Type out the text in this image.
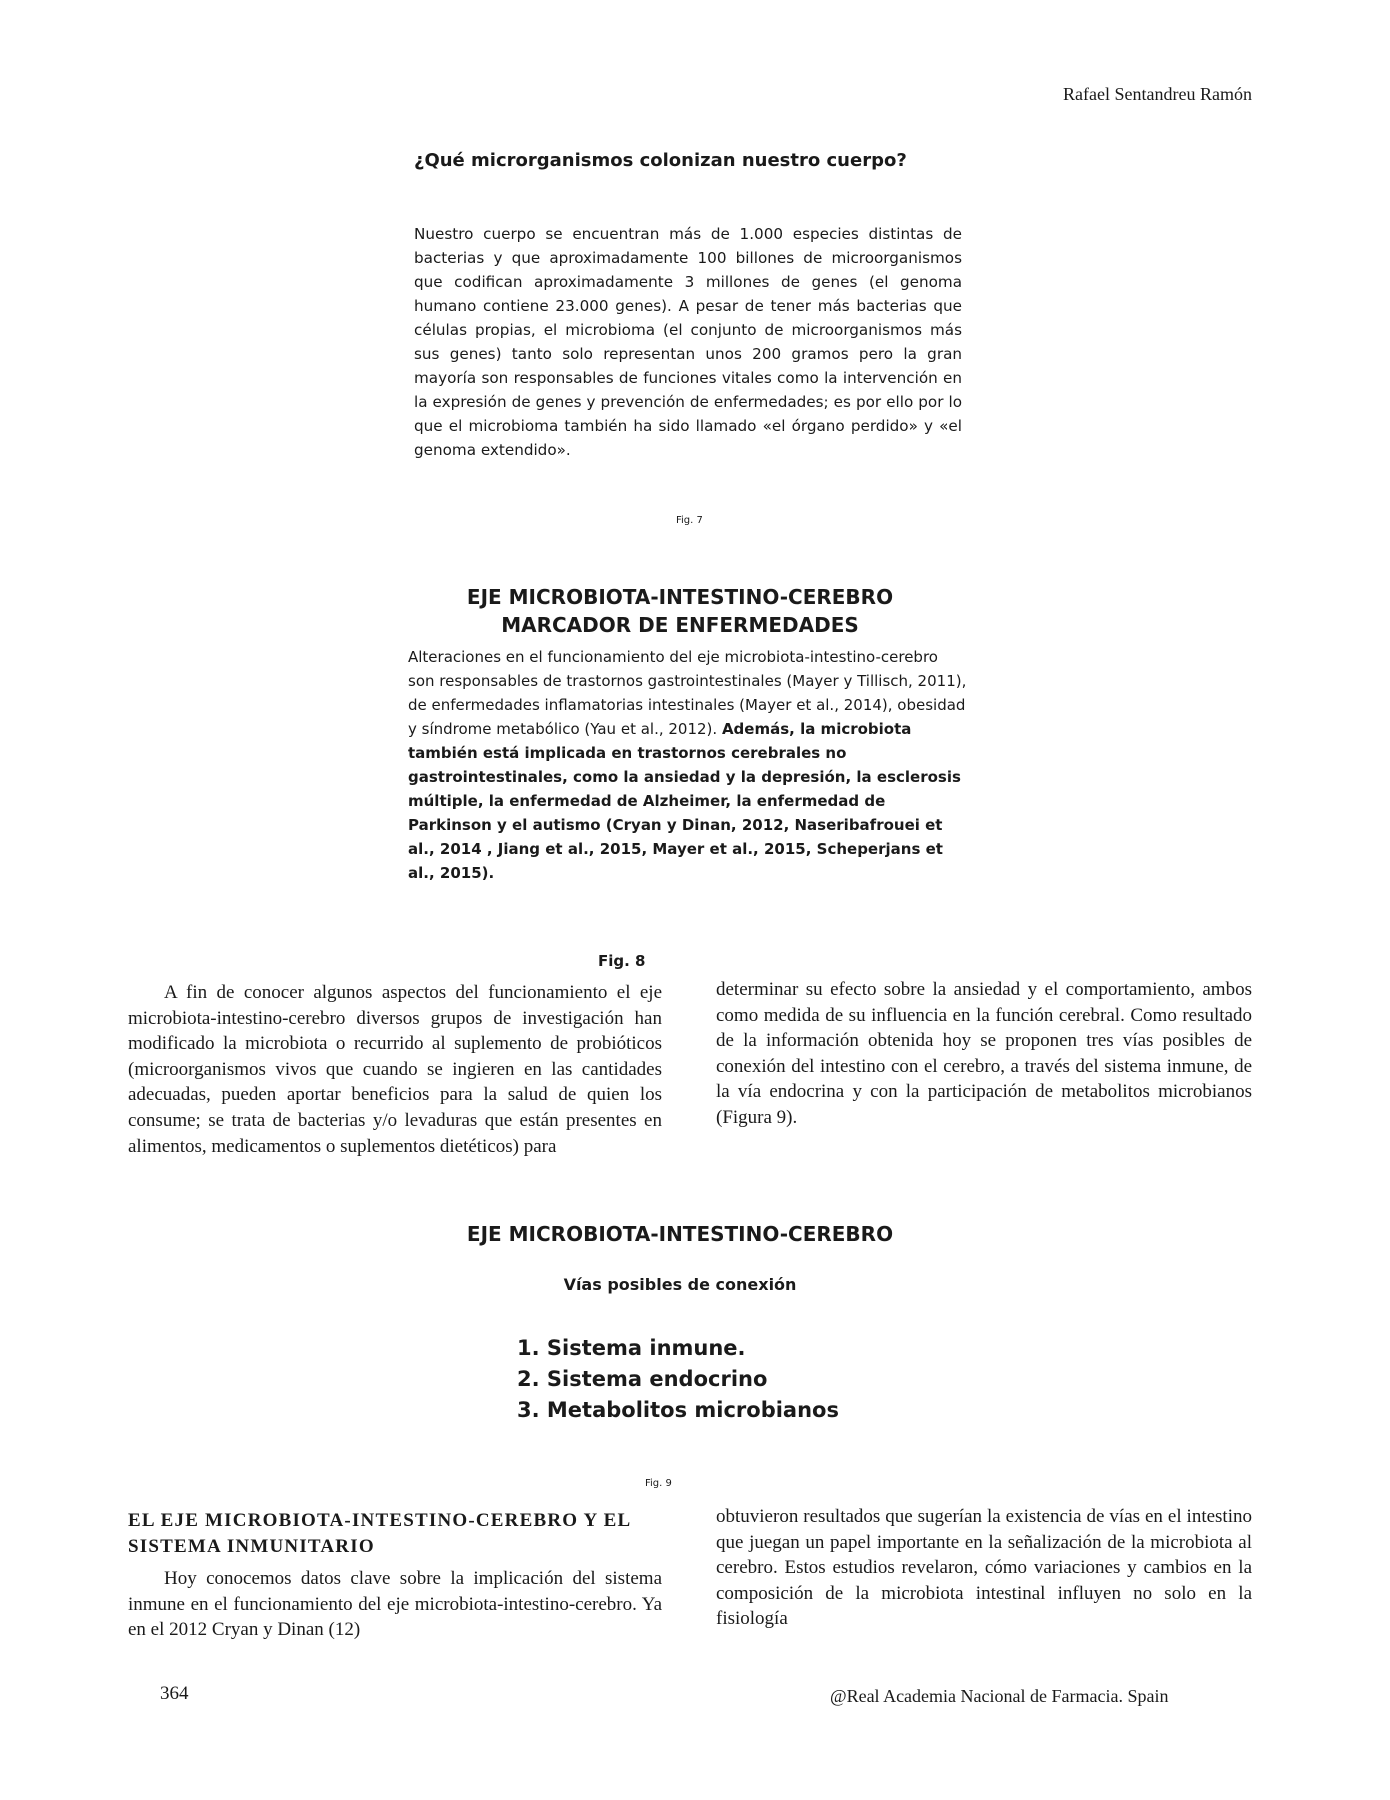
Rafael Sentandreu Ramón
¿Qué microrganismos colonizan nuestro cuerpo?
Nuestro cuerpo se encuentran más de 1.000 especies distintas de bacterias y que aproximadamente 100 billones de microorganismos que codifican aproximadamente 3 millones de genes (el genoma humano contiene 23.000 genes). A pesar de tener más bacterias que células propias, el microbioma (el conjunto de microorganismos más sus genes) tanto solo representan unos 200 gramos pero la gran mayoría son responsables de funciones vitales como la intervención en la expresión de genes y prevención de enfermedades; es por ello por lo que el microbioma también ha sido llamado «el órgano perdido» y «el genoma extendido».
Fig. 7
EJE MICROBIOTA-INTESTINO-CEREBRO
MARCADOR DE ENFERMEDADES
Alteraciones en el funcionamiento del eje microbiota-intestino-cerebro son responsables de trastornos gastrointestinales (Mayer y Tillisch, 2011), de enfermedades inflamatorias intestinales (Mayer et al., 2014), obesidad y síndrome metabólico (Yau et al., 2012). Además, la microbiota también está implicada en trastornos cerebrales no gastrointestinales, como la ansiedad y la depresión, la esclerosis múltiple, la enfermedad de Alzheimer, la enfermedad de Parkinson y el autismo (Cryan y Dinan, 2012, Naseribafrouei et al., 2014 , Jiang et al., 2015, Mayer et al., 2015, Scheperjans et al., 2015).
Fig. 8
A fin de conocer algunos aspectos del funcionamiento el eje microbiota-intestino-cerebro diversos grupos de investigación han modificado la microbiota o recurrido al suplemento de probióticos (microorganismos vivos que cuando se ingieren en las cantidades adecuadas, pueden aportar beneficios para la salud de quien los consume; se trata de bacterias y/o levaduras que están presentes en alimentos, medicamentos o suplementos dietéticos) para
determinar su efecto sobre la ansiedad y el comportamiento, ambos como medida de su influencia en la función cerebral. Como resultado de la información obtenida hoy se proponen tres vías posibles de conexión del intestino con el cerebro, a través del sistema inmune, de la vía endocrina y con la participación de metabolitos microbianos (Figura 9).
EJE MICROBIOTA-INTESTINO-CEREBRO
Vías posibles de conexión
1. Sistema inmune.
2. Sistema endocrino
3. Metabolitos microbianos
Fig. 9
EL EJE MICROBIOTA-INTESTINO-CEREBRO Y EL SISTEMA INMUNITARIO
Hoy conocemos datos clave sobre la implicación del sistema inmune en el funcionamiento del eje microbiota-intestino-cerebro. Ya en el 2012 Cryan y Dinan (12)
obtuvieron resultados que sugerían la existencia de vías en el intestino que juegan un papel importante en la señalización de la microbiota al cerebro. Estos estudios revelaron, cómo variaciones y cambios en la composición de la microbiota intestinal influyen no solo en la fisiología
364	@Real Academia Nacional de Farmacia. Spain
